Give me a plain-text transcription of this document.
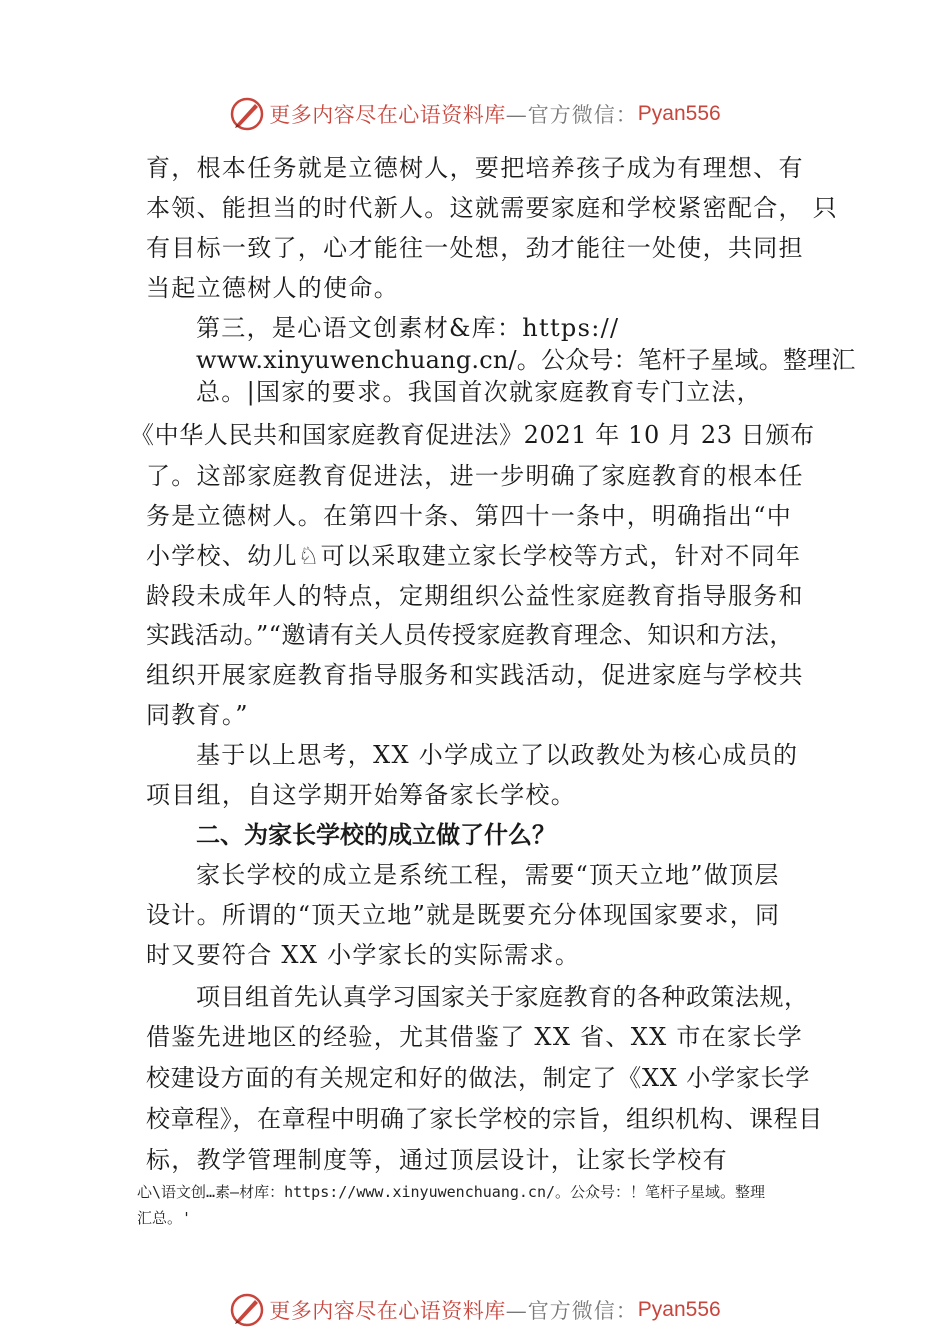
更多内容尽在心语资料库 —官方微信： Pyan556
育，根本任务就是立德树人，要把培养孩子成为有理想、有
本领、能担当的时代新人。这就需要家庭和学校紧密配合， 只
有目标一致了，心才能往一处想，劲才能往一处使，共同担
当起立德树人的使命。
第三，是心语文创素材&库：https://
www.xinyuwenchuang.cn/。公众号：笔杆子星域。整理汇
总。|国家的要求。我国首次就家庭教育专门立法，
《中华人民共和国家庭教育促进法》2021 年 10 月 23 日颁布
了。这部家庭教育促进法，进一步明确了家庭教育的根本任
务是立德树人。在第四十条、第四十一条中，明确指出“中
小学校、幼儿♘可以采取建立家长学校等方式，针对不同年
龄段未成年人的特点，定期组织公益性家庭教育指导服务和
实践活动。”“邀请有关人员传授家庭教育理念、知识和方法，
组织开展家庭教育指导服务和实践活动，促进家庭与学校共
同教育。”
基于以上思考，XX 小学成立了以政教处为核心成员的
项目组，自这学期开始筹备家长学校。
二、为家长学校的成立做了什么？
家长学校的成立是系统工程，需要“顶天立地”做顶层
设计。所谓的“顶天立地”就是既要充分体现国家要求，同
时又要符合 XX 小学家长的实际需求。
项目组首先认真学习国家关于家庭教育的各种政策法规，
借鉴先进地区的经验，尤其借鉴了 XX 省、XX 市在家长学
校建设方面的有关规定和好的做法，制定了《XX 小学家长学
校章程》，在章程中明确了家长学校的宗旨，组织机构、课程目
标，教学管理制度等，通过顶层设计，让家长学校有
心\语文创…素—材库：https://www.xinyuwenchuang.cn/。公众号：！笔杆子星域。整理
汇总。'
更多内容尽在心语资料库 —官方微信： Pyan556
